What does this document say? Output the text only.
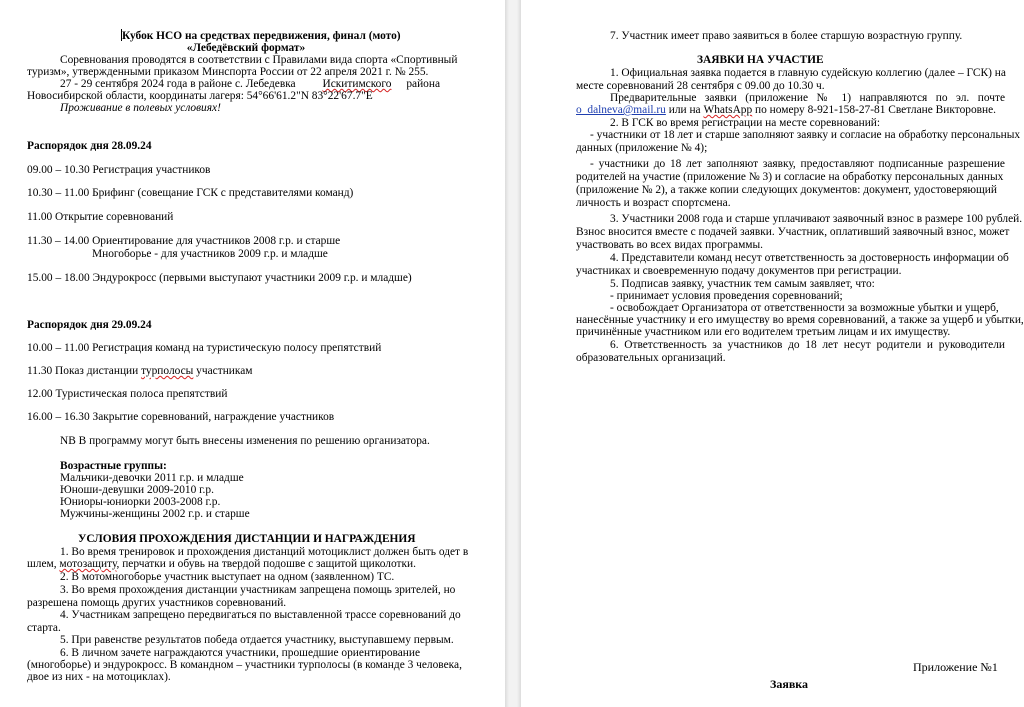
Кубок НСО на средствах передвижения, финал (мото)
«Лебедёвский формат»
Соревнования проводятся в соответствии с Правилами вида спорта «Спортивный
туризм», утвержденными приказом Минспорта России от 22 апреля 2021 г. № 255.
27 - 29 сентября 2024 года в районе с. Лебедевка Искитимского района
Новосибирской области, координаты лагеря: 54°66'61.2"N 83°22'67.7"E
Проживание в полевых условиях!
Распорядок дня 28.09.24
09.00 – 10.30 Регистрация участников
10.30 – 11.00 Брифинг (совещание ГСК с представителями команд)
11.00 Открытие соревнований
11.30 – 14.00 Ориентирование для участников 2008 г.р. и старше
Многоборье - для участников 2009 г.р. и младше
15.00 – 18.00 Эндурокросс (первыми выступают участники 2009 г.р. и младше)
Распорядок дня 29.09.24
10.00 – 11.00 Регистрация команд на туристическую полосу препятствий
11.30 Показ дистанции турполосы участникам
12.00 Туристическая полоса препятствий
16.00 – 16.30 Закрытие соревнований, награждение участников
NB В программу могут быть внесены изменения по решению организатора.
Возрастные группы:
Мальчики-девочки 2011 г.р. и младше
Юноши-девушки 2009-2010 г.р.
Юниоры-юниорки 2003-2008 г.р.
Мужчины-женщины 2002 г.р. и старше
УСЛОВИЯ ПРОХОЖДЕНИЯ ДИСТАНЦИИ И НАГРАЖДЕНИЯ
1. Во время тренировок и прохождения дистанций мотоциклист должен быть одет в
шлем, мотозащиту, перчатки и обувь на твердой подошве с защитой щиколотки.
2. В мотомногоборье участник выступает на одном (заявленном) ТС.
3. Во время прохождения дистанции участникам запрещена помощь зрителей, но
разрешена помощь других участников соревнований.
4. Участникам запрещено передвигаться по выставленной трассе соревнований до
старта.
5. При равенстве результатов победа отдается участнику, выступавшему первым.
6. В личном зачете награждаются участники, прошедшие ориентирование
(многоборье) и эндурокросс. В командном – участники турполосы (в команде 3 человека,
двое из них - на мотоциклах).
7. Участник имеет право заявиться в более старшую возрастную группу.
ЗАЯВКИ НА УЧАСТИЕ
1. Официальная заявка подается в главную судейскую коллегию (далее – ГСК) на
месте соревнований 28 сентября с 09.00 до 10.30 ч.
Предварительные заявки (приложение № 1) направляются по эл. почте
o_dalneva@mail.ru или на WhatsApp по номеру 8-921-158-27-81 Светлане Викторовне.
2. В ГСК во время регистрации на месте соревнований:
- участники от 18 лет и старше заполняют заявку и согласие на обработку персональных
данных (приложение № 4);
- участники до 18 лет заполняют заявку, предоставляют подписанные разрешение
родителей на участие (приложение № 3) и согласие на обработку персональных данных
(приложение № 2), а также копии следующих документов: документ, удостоверяющий
личность и возраст спортсмена.
3. Участники 2008 года и старше уплачивают заявочный взнос в размере 100 рублей.
Взнос вносится вместе с подачей заявки. Участник, оплативший заявочный взнос, может
участвовать во всех видах программы.
4. Представители команд несут ответственность за достоверность информации об
участниках и своевременную подачу документов при регистрации.
5. Подписав заявку, участник тем самым заявляет, что:
- принимает условия проведения соревнований;
- освобождает Организатора от ответственности за возможные убытки и ущерб,
нанесённые участнику и его имуществу во время соревнований, а также за ущерб и убытки,
причинённые участником или его водителем третьим лицам и их имуществу.
6. Ответственность за участников до 18 лет несут родители и руководители
образовательных организаций.
Приложение №1
Заявка
